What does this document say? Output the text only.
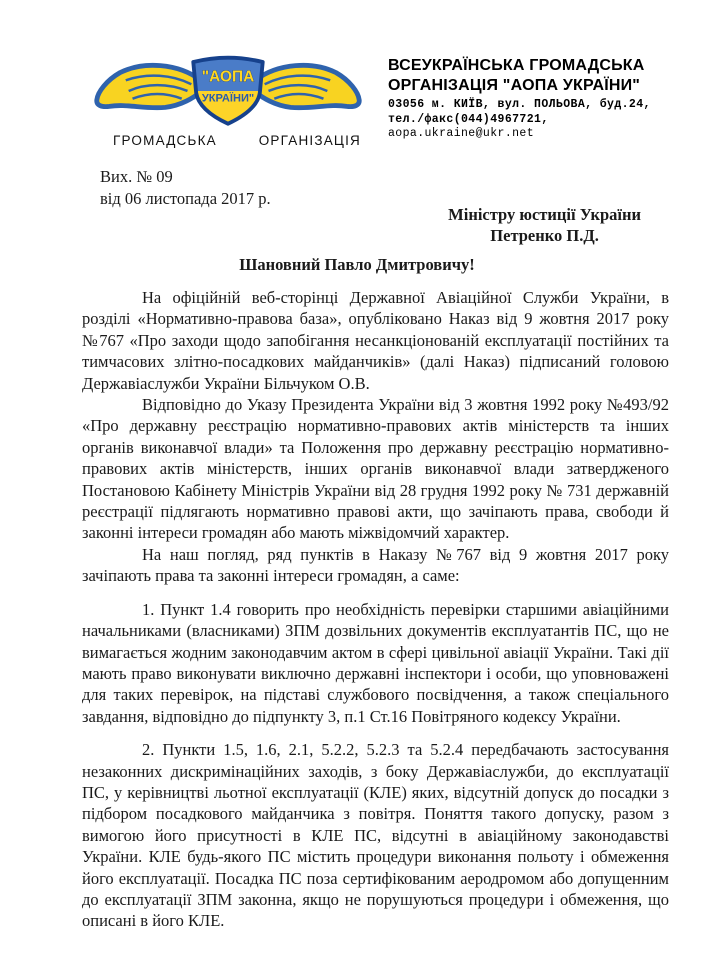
"АОПА
УКРАЇНИ"
ГРОМАДСЬКА	ОРГАНІЗАЦІЯ
ВСЕУКРАЇНСЬКА ГРОМАДСЬКА
ОРГАНІЗАЦІЯ "АОПА УКРАЇНИ"
03056 м. КИЇВ, вул. ПОЛЬОВА, буд.24,
тел./факс(044)4967721,
aopa.ukraine@ukr.net
Вих. № 09
від 06 листопада 2017 р.
Міністру юстиції України
Петренко П.Д.
Шановний Павло Дмитровичу!

На офіційній веб-сторінці Державної Авіаційної Служби України, в розділі «Нормативно-правова база», опубліковано Наказ від 9 жовтня 2017 року №767 «Про заходи щодо запобігання несанкціонованій експлуатації постійних та тимчасових злітно-посадкових майданчиків» (далі Наказ) підписаний головою Державіаслужби України Більчуком О.В.

Відповідно до Указу Президента України від 3 жовтня 1992 року №493/92 «Про державну реєстрацію нормативно-правових актів міністерств та інших органів виконавчої влади» та Положення про державну реєстрацію нормативно-правових актів міністерств, інших органів виконавчої влади затвердженого Постановою Кабінету Міністрів України від 28 грудня 1992 року № 731 державній реєстрації підлягають нормативно правові акти, що зачіпають права, свободи й законні інтереси громадян або мають міжвідомчий характер.

На наш погляд, ряд пунктів в Наказу №767 від 9 жовтня 2017 року зачіпають права та законні інтереси громадян, а саме:

1. Пункт 1.4 говорить про необхідність перевірки старшими авіаційними начальниками (власниками) ЗПМ дозвільних документів експлуатантів ПС, що не вимагається жодним законодавчим актом в сфері цивільної авіації України. Такі дії мають право виконувати виключно державні інспектори і особи, що уповноважені для таких перевірок, на підставі службового посвідчення, а також спеціального завдання, відповідно до підпункту 3, п.1 Ст.16 Повітряного кодексу України.

2. Пункти 1.5, 1.6, 2.1, 5.2.2, 5.2.3 та 5.2.4 передбачають застосування незаконних дискримінаційних заходів, з боку Державіаслужби, до експлуатації ПС, у керівництві льотної експлуатації (КЛЕ) яких, відсутній допуск до посадки з підбором посадкового майданчика з повітря. Поняття такого допуску, разом з вимогою його присутності в КЛЕ ПС, відсутні в авіаційному законодавстві України. КЛЕ будь-якого ПС містить процедури виконання польоту і обмеження його експлуатації. Посадка ПС поза сертифікованим аеродромом або допущенним до експлуатації ЗПМ законна, якщо не порушуються процедури і обмеження, що описані в його КЛЕ.
